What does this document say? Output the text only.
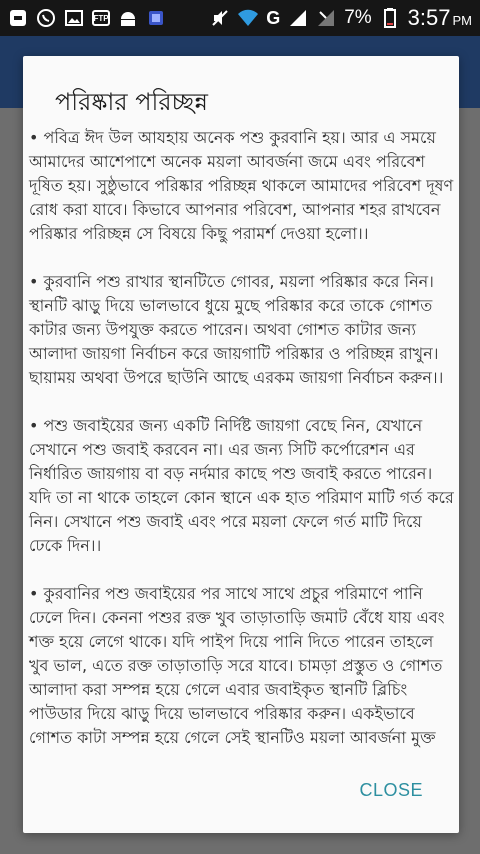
FTP	G	7% 3:57 PM
পরিষ্কার পরিচ্ছন্ন

• পবিত্র ঈদ উল আযহায় অনেক পশু কুরবানি হয়। আর এ সময়ে আমাদের আশেপাশে অনেক ময়লা আবর্জনা জমে এবং পরিবেশ দূষিত হয়। সুষ্ঠুভাবে পরিষ্কার পরিচ্ছন্ন থাকলে আমাদের পরিবেশ দূষণ রোধ করা যাবে। কিভাবে আপনার পরিবেশ, আপনার শহর রাখবেন পরিষ্কার পরিচ্ছন্ন সে বিষয়ে কিছু পরামর্শ দেওয়া হলো।।

• কুরবানি পশু রাখার স্থানটিতে গোবর, ময়লা পরিষ্কার করে নিন। স্থানটি ঝাড়ু দিয়ে ভালভাবে ধুয়ে মুছে পরিষ্কার করে তাকে গোশত কাটার জন্য উপযুক্ত করতে পারেন। অথবা গোশত কাটার জন্য আলাদা জায়গা নির্বাচন করে জায়গাটি পরিষ্কার ও পরিচ্ছন্ন রাখুন। ছায়াময় অথবা উপরে ছাউনি আছে এরকম জায়গা নির্বাচন করুন।।

• পশু জবাইয়ের জন্য একটি নির্দিষ্ট জায়গা বেছে নিন, যেখানে সেখানে পশু জবাই করবেন না। এর জন্য সিটি কর্পোরেশন এর নির্ধারিত জায়গায় বা বড় নর্দমার কাছে পশু জবাই করতে পারেন। যদি তা না থাকে তাহলে কোন স্থানে এক হাত পরিমাণ মাটি গর্ত করে নিন। সেখানে পশু জবাই এবং পরে ময়লা ফেলে গর্ত মাটি দিয়ে ঢেকে দিন।।

• কুরবানির পশু জবাইয়ের পর সাথে সাথে প্রচুর পরিমাণে পানি ঢেলে দিন। কেননা পশুর রক্ত খুব তাড়াতাড়ি জমাট বেঁধে যায় এবং শক্ত হয়ে লেগে থাকে। যদি পাইপ দিয়ে পানি দিতে পারেন তাহলে খুব ভাল, এতে রক্ত তাড়াতাড়ি সরে যাবে। চামড়া প্রস্তুত ও গোশত আলাদা করা সম্পন্ন হয়ে গেলে এবার জবাইকৃত স্থানটি ব্লিচিং পাউডার দিয়ে ঝাড়ু দিয়ে ভালভাবে পরিষ্কার করুন। একইভাবে গোশত কাটা সম্পন্ন হয়ে গেলে সেই স্থানটিও ময়লা আবর্জনা মুক্ত

CLOSE
